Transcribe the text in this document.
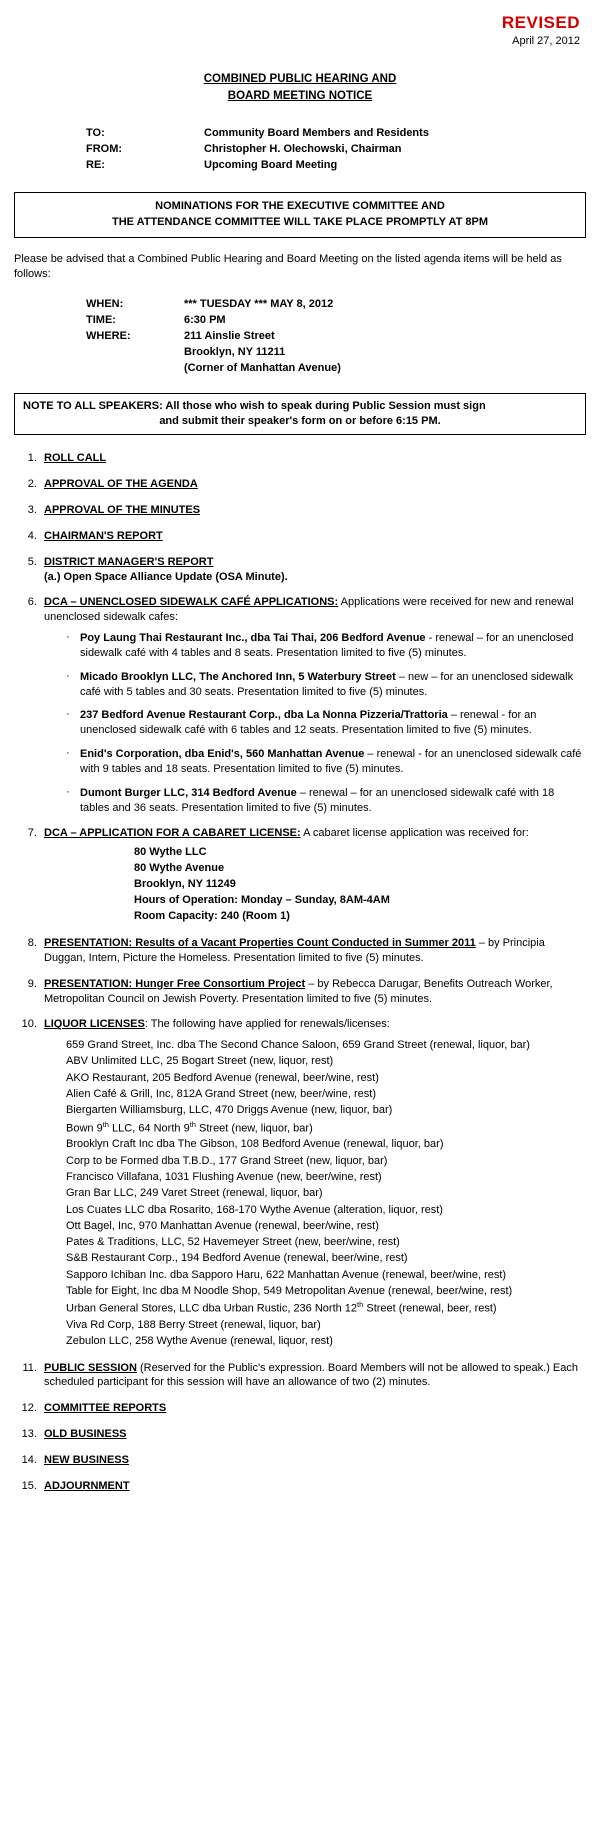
REVISED
April 27, 2012
COMBINED PUBLIC HEARING AND
BOARD MEETING NOTICE
TO:	Community Board Members and Residents
FROM:	Christopher H. Olechowski, Chairman
RE:	Upcoming Board Meeting
NOMINATIONS FOR THE EXECUTIVE COMMITTEE AND
THE ATTENDANCE COMMITTEE WILL TAKE PLACE PROMPTLY AT 8PM
Please be advised that a Combined Public Hearing and Board Meeting on the listed agenda items will be held as follows:
WHEN:	*** TUESDAY *** MAY 8, 2012
TIME:	6:30 PM
WHERE:	211 Ainslie Street
Brooklyn, NY 11211
(Corner of Manhattan Avenue)
NOTE TO ALL SPEAKERS: All those who wish to speak during Public Session must sign
and submit their speaker's form on or before 6:15 PM.
1. ROLL CALL
2. APPROVAL OF THE AGENDA
3. APPROVAL OF THE MINUTES
4. CHAIRMAN'S REPORT
5. DISTRICT MANAGER'S REPORT
(a.) Open Space Alliance Update (OSA Minute).
6. DCA – UNENCLOSED SIDEWALK CAFÉ APPLICATIONS: Applications were received for new and renewal unenclosed sidewalk cafes:
· Poy Laung Thai Restaurant Inc., dba Tai Thai, 206 Bedford Avenue - renewal – for an unenclosed sidewalk café with 4 tables and 8 seats. Presentation limited to five (5) minutes.
· Micado Brooklyn LLC, The Anchored Inn, 5 Waterbury Street – new – for an unenclosed sidewalk café with 5 tables and 30 seats. Presentation limited to five (5) minutes.
· 237 Bedford Avenue Restaurant Corp., dba La Nonna Pizzeria/Trattoria – renewal - for an unenclosed sidewalk café with 6 tables and 12 seats. Presentation limited to five (5) minutes.
· Enid's Corporation, dba Enid's, 560 Manhattan Avenue – renewal - for an unenclosed sidewalk café with 9 tables and 18 seats. Presentation limited to five (5) minutes.
· Dumont Burger LLC, 314 Bedford Avenue – renewal – for an unenclosed sidewalk café with 18 tables and 36 seats. Presentation limited to five (5) minutes.
7. DCA – APPLICATION FOR A CABARET LICENSE: A cabaret license application was received for:
80 Wythe LLC
80 Wythe Avenue
Brooklyn, NY 11249
Hours of Operation: Monday – Sunday, 8AM-4AM
Room Capacity: 240 (Room 1)
8. PRESENTATION: Results of a Vacant Properties Count Conducted in Summer 2011 – by Principia Duggan, Intern, Picture the Homeless. Presentation limited to five (5) minutes.
9. PRESENTATION: Hunger Free Consortium Project – by Rebecca Darugar, Benefits Outreach Worker, Metropolitan Council on Jewish Poverty. Presentation limited to five (5) minutes.
10. LIQUOR LICENSES: The following have applied for renewals/licenses:
659 Grand Street, Inc. dba The Second Chance Saloon, 659 Grand Street (renewal, liquor, bar)
ABV Unlimited LLC, 25 Bogart Street (new, liquor, rest)
AKO Restaurant, 205 Bedford Avenue (renewal, beer/wine, rest)
Alien Café & Grill, Inc, 812A Grand Street (new, beer/wine, rest)
Biergarten Williamsburg, LLC, 470 Driggs Avenue (new, liquor, bar)
Bown 9th LLC, 64 North 9th Street (new, liquor, bar)
Brooklyn Craft Inc dba The Gibson, 108 Bedford Avenue (renewal, liquor, bar)
Corp to be Formed dba T.B.D., 177 Grand Street (new, liquor, bar)
Francisco Villafana, 1031 Flushing Avenue (new, beer/wine, rest)
Gran Bar LLC, 249 Varet Street (renewal, liquor, bar)
Los Cuates LLC dba Rosarito, 168-170 Wythe Avenue (alteration, liquor, rest)
Ott Bagel, Inc, 970 Manhattan Avenue (renewal, beer/wine, rest)
Pates & Traditions, LLC, 52 Havemeyer Street (new, beer/wine, rest)
S&B Restaurant Corp., 194 Bedford Avenue (renewal, beer/wine, rest)
Sapporo Ichiban Inc. dba Sapporo Haru, 622 Manhattan Avenue (renewal, beer/wine, rest)
Table for Eight, Inc dba M Noodle Shop, 549 Metropolitan Avenue (renewal, beer/wine, rest)
Urban General Stores, LLC dba Urban Rustic, 236 North 12th Street (renewal, beer, rest)
Viva Rd Corp, 188 Berry Street (renewal, liquor, bar)
Zebulon LLC, 258 Wythe Avenue (renewal, liquor, rest)
11. PUBLIC SESSION (Reserved for the Public's expression. Board Members will not be allowed to speak.) Each scheduled participant for this session will have an allowance of two (2) minutes.
12. COMMITTEE REPORTS
13. OLD BUSINESS
14. NEW BUSINESS
15. ADJOURNMENT
